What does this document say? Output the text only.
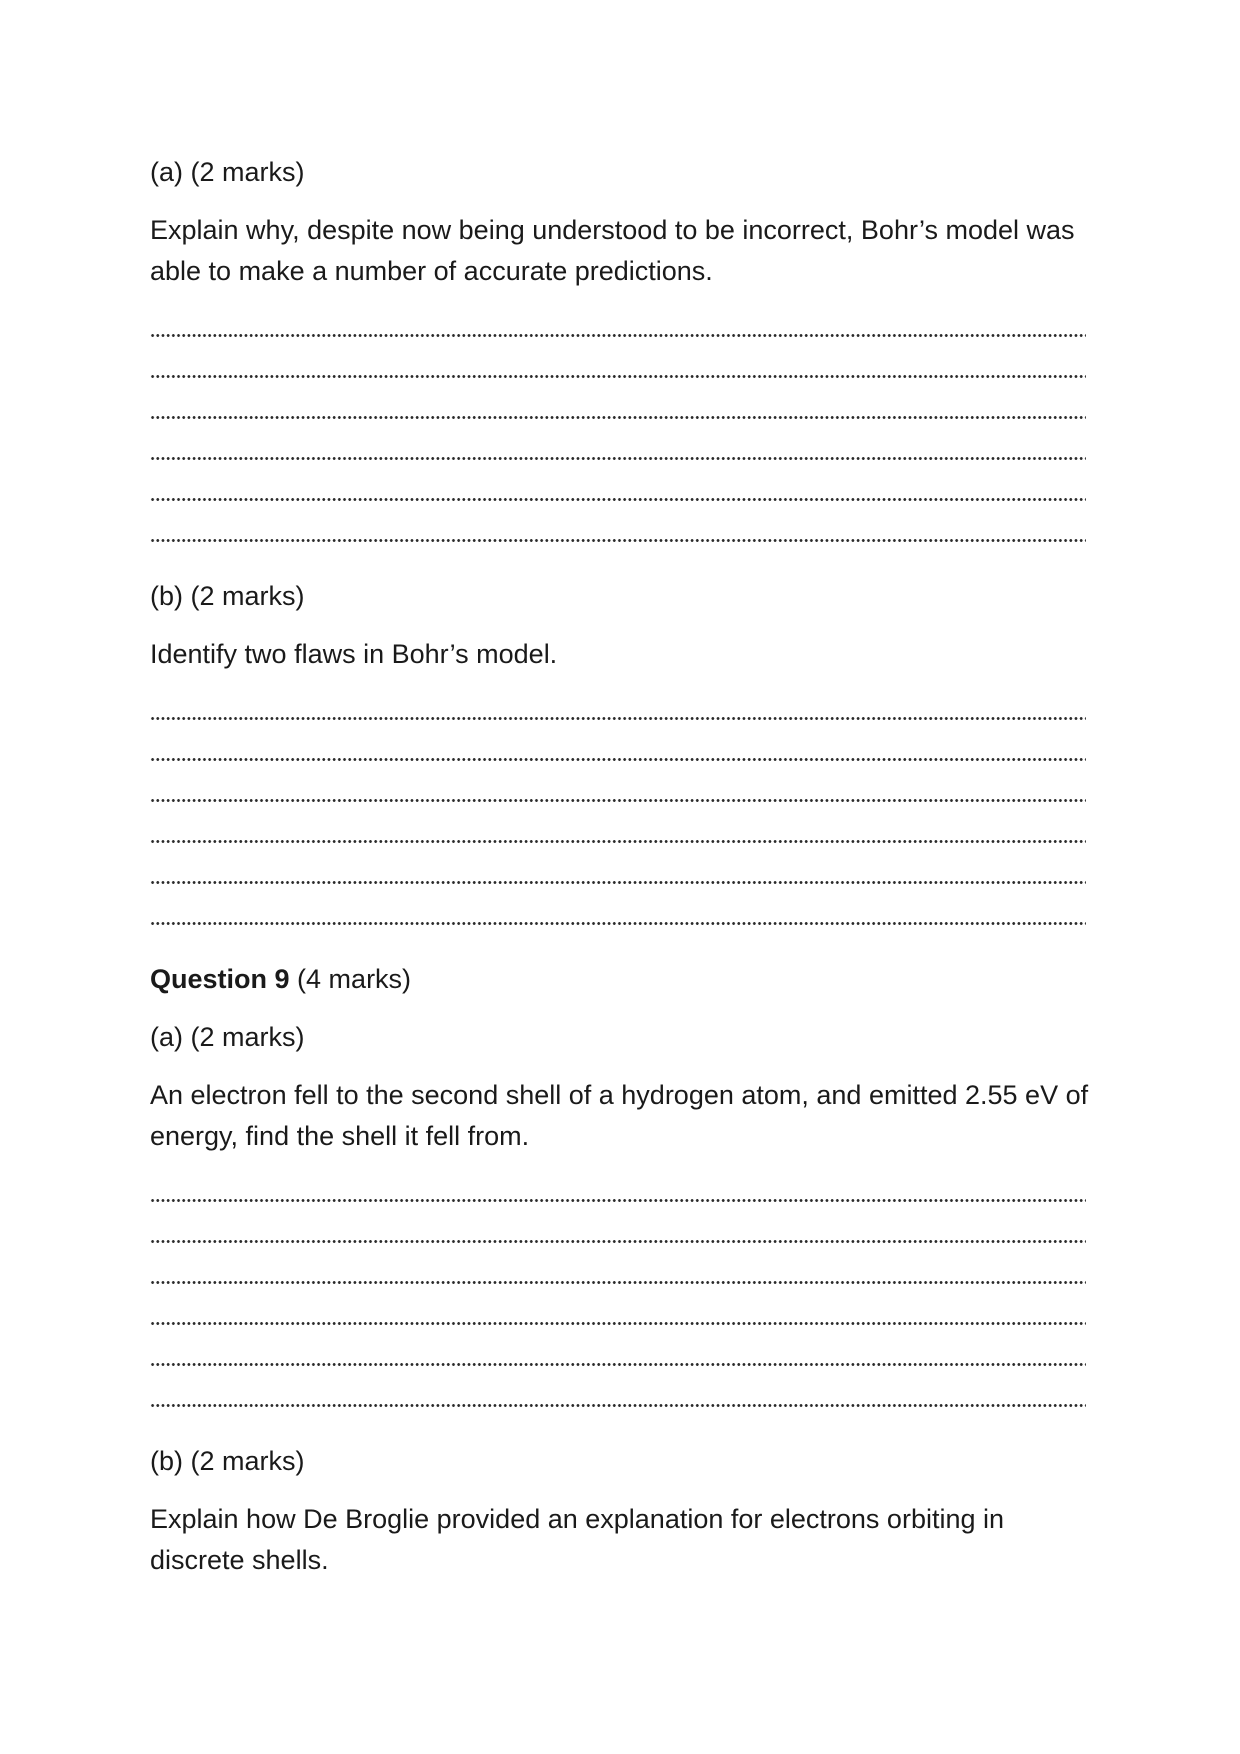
(a) (2 marks)

Explain why, despite now being understood to be incorrect, Bohr’s model was able to make a number of accurate predictions.

(b) (2 marks)

Identify two flaws in Bohr’s model.

Question 9 (4 marks)

(a) (2 marks)

An electron fell to the second shell of a hydrogen atom, and emitted 2.55 eV of energy, find the shell it fell from.

(b) (2 marks)

Explain how De Broglie provided an explanation for electrons orbiting in discrete shells.
